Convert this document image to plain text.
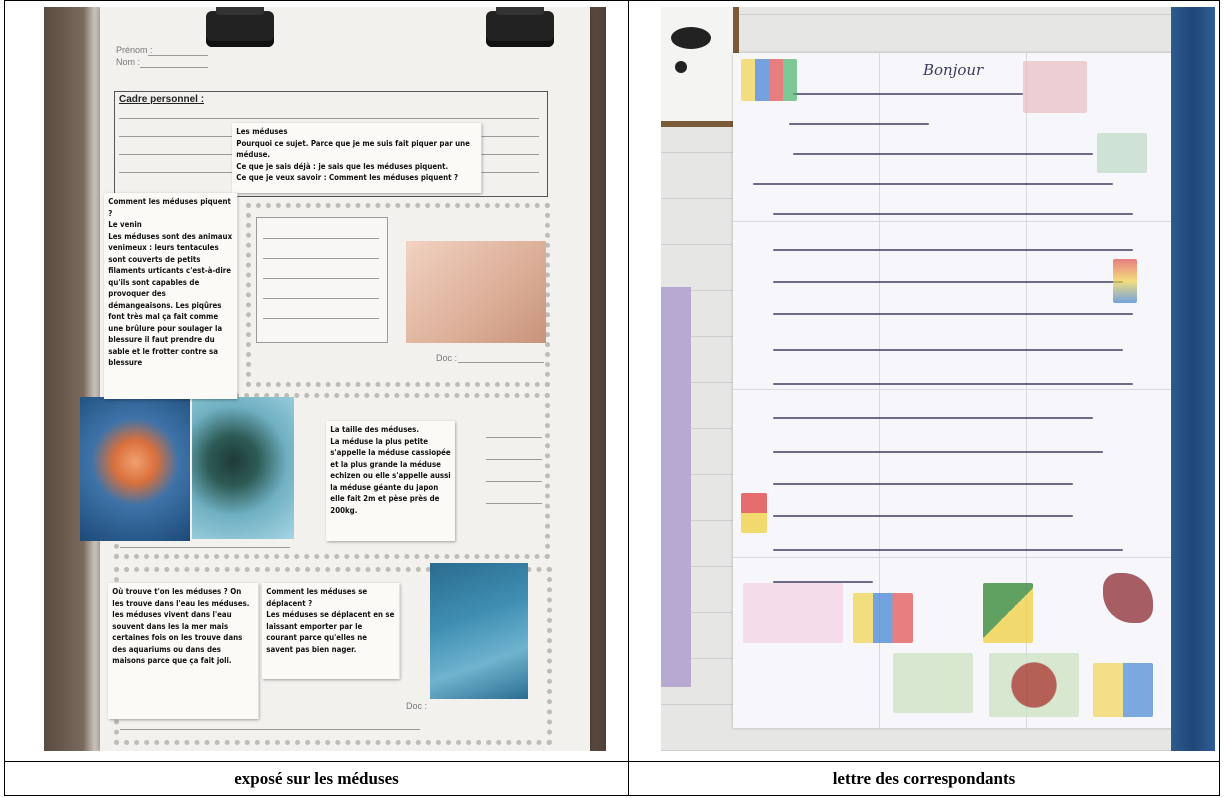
Prénom :
Nom :
Cadre personnel :
Doc :
Doc :
Les méduses
Pourquoi ce sujet. Parce que je me suis fait piquer par une méduse.
Ce que je sais déjà : je sais que les méduses piquent.
Ce que je veux savoir : Comment les méduses piquent ?
Comment les méduses piquent ?
Le venin
Les méduses sont des animaux venimeux : leurs tentacules sont couverts de petits filaments urticants c'est-à-dire qu'ils sont capables de provoquer des démangeaisons. Les piqûres font très mal ça fait comme une brûlure pour soulager la blessure il faut prendre du sable et le frotter contre sa blessure
La taille des méduses.
La méduse la plus petite s'appelle la méduse cassiopée et la plus grande la méduse echizen ou elle s'appelle aussi la méduse géante du japon elle fait 2m et pèse près de 200kg.
Où trouve t'on les méduses ? On les trouve dans l'eau les méduses. les méduses vivent dans l'eau souvent dans les la mer mais certaines fois on les trouve dans des aquariums ou dans des maisons parce que ça fait joli.
Comment les méduses se déplacent ?
Les méduses se déplacent en se laissant emporter par le courant parce qu'elles ne savent pas bien nager.
Bonjour
exposé sur les méduses	lettre des correspondants
